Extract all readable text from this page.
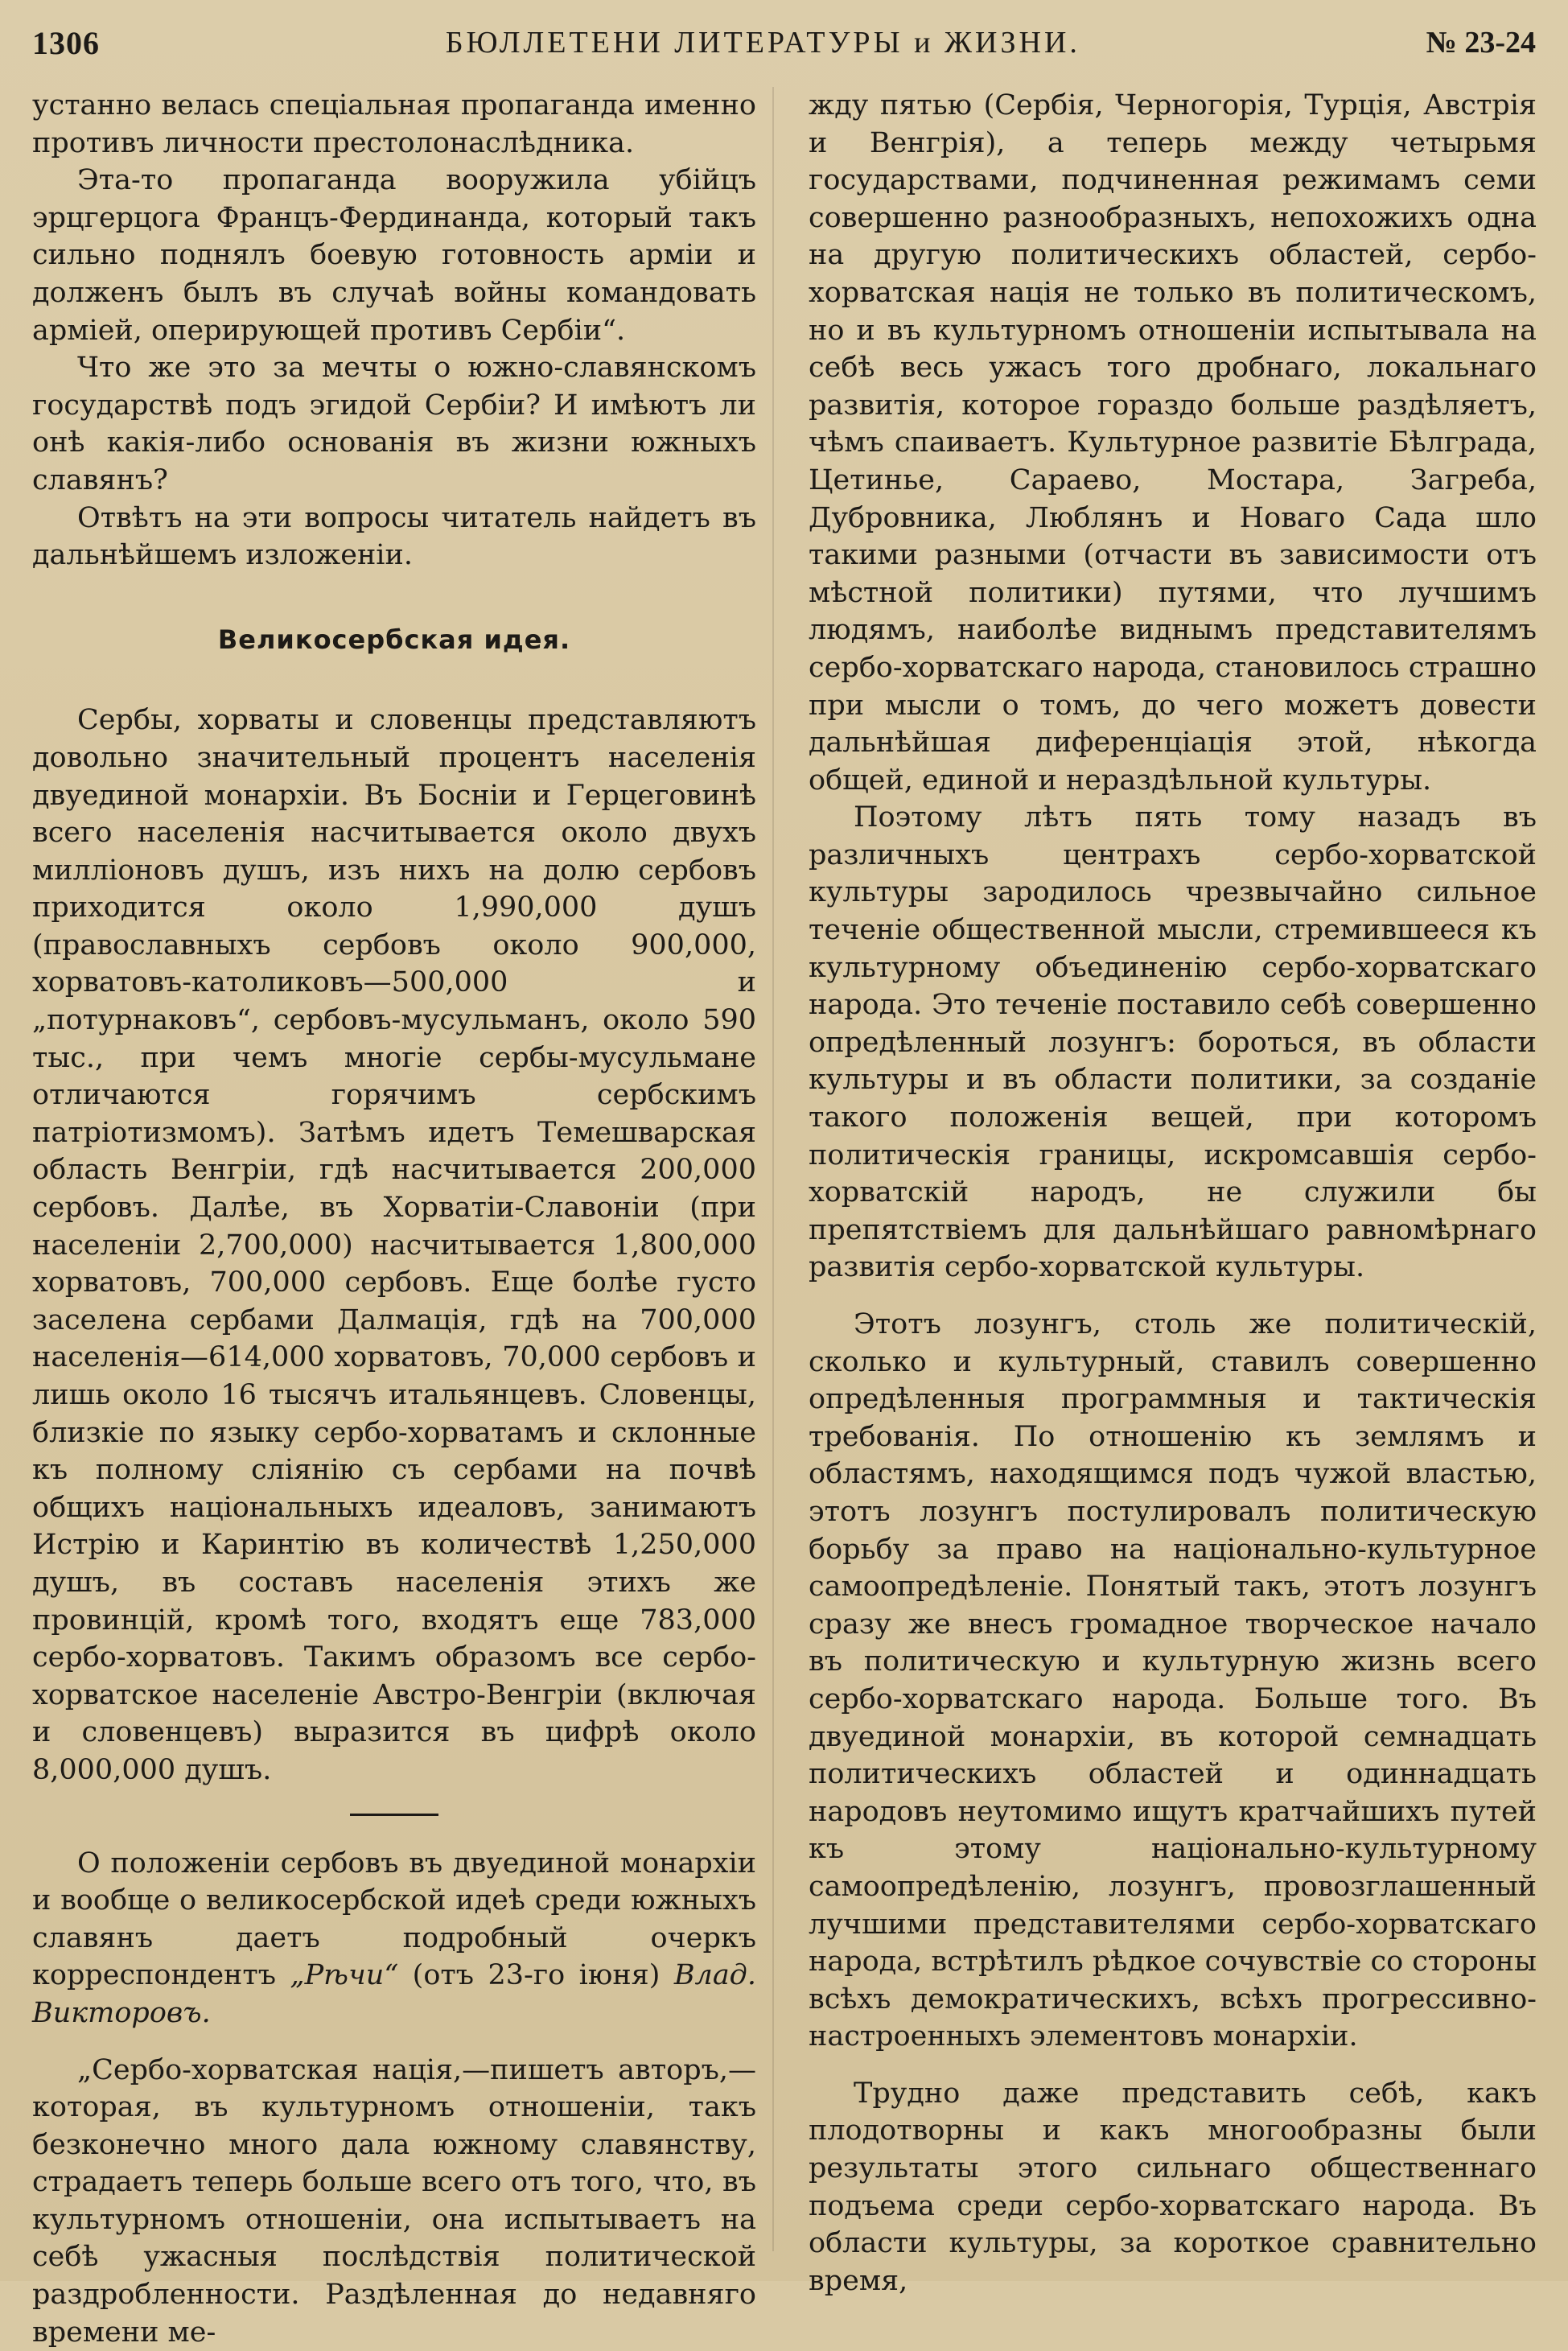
1306	БЮЛЛЕТЕНИ ЛИТЕРАТУРЫ и ЖИЗНИ.	№ 23-24

устанно велась спеціальная пропаганда именно противъ личности престолонаслѣдника.

Эта-то пропаганда вооружила убійцъ эрцгерцога Францъ-Фердинанда, который такъ сильно поднялъ боевую готовность арміи и долженъ былъ въ случаѣ войны командовать арміей, оперирующей противъ Сербіи“.

Что же это за мечты о южно-славянскомъ государствѣ подъ эгидой Сербіи? И имѣютъ ли онѣ какія-либо основанія въ жизни южныхъ славянъ?

Отвѣтъ на эти вопросы читатель найдетъ въ дальнѣйшемъ изложеніи.

Великосербская идея.

Сербы, хорваты и словенцы представляютъ довольно значительный процентъ населенія двуединой монархіи. Въ Босніи и Герцеговинѣ всего населенія насчитывается около двухъ милліоновъ душъ, изъ нихъ на долю сербовъ приходится около 1,990,000 душъ (православныхъ сербовъ около 900,000, хорватовъ-католиковъ—500,000 и „потурнаковъ“, сербовъ-мусульманъ, около 590 тыс., при чемъ многіе сербы-мусульмане отличаются горячимъ сербскимъ патріотизмомъ). Затѣмъ идетъ Темешварская область Венгріи, гдѣ насчитывается 200,000 сербовъ. Далѣе, въ Хорватіи-Славоніи (при населеніи 2,700,000) насчитывается 1,800,000 хорватовъ, 700,000 сербовъ. Еще болѣе густо заселена сербами Далмація, гдѣ на 700,000 населенія—614,000 хорватовъ, 70,000 сербовъ и лишь около 16 тысячъ итальянцевъ. Словенцы, близкіе по языку сербо-хорватамъ и склонные къ полному слiянiю съ сербами на почвѣ общихъ національныхъ идеаловъ, занимаютъ Истрію и Каринтію въ количествѣ 1,250,000 душъ, въ составъ населенія этихъ же провинцій, кромѣ того, входятъ еще 783,000 сербо-хорватовъ. Такимъ образомъ все сербо-хорватское населеніе Австро-Венгріи (включая и словенцевъ) выразится въ цифрѣ около 8,000,000 душъ.

О положеніи сербовъ въ двуединой монархіи и вообще о великосербской идеѣ среди южныхъ славянъ даетъ подробный очеркъ корреспондентъ „Рѣчи“ (отъ 23-го іюня) Влад. Викторовъ.

„Сербо-хорватская нація,—пишетъ авторъ,—которая, въ культурномъ отношеніи, такъ безконечно много дала южному славянству, страдаетъ теперь больше всего отъ того, что, въ культурномъ отношеніи, она испытываетъ на себѣ ужасныя послѣдствія политической раздробленности. Раздѣленная до недавняго времени ме-

жду пятью (Сербія, Черногорія, Турція, Австрія и Венгрія), а теперь между четырьмя государствами, подчиненная режимамъ семи совершенно разнообразныхъ, непохожихъ одна на другую политическихъ областей, сербо-хорватская нація не только въ политическомъ, но и въ культурномъ отношеніи испытывала на себѣ весь ужасъ того дробнаго, локальнаго развитія, которое гораздо больше раздѣляетъ, чѣмъ спаиваетъ. Культурное развитіе Бѣлграда, Цетинье, Сараево, Мостара, Загреба, Дубровника, Люблянъ и Новаго Сада шло такими разными (отчасти въ зависимости отъ мѣстной политики) путями, что лучшимъ людямъ, наиболѣе виднымъ представителямъ сербо-хорватскаго народа, становилось страшно при мысли о томъ, до чего можетъ довести дальнѣйшая диференціація этой, нѣкогда общей, единой и нераздѣльной культуры.

Поэтому лѣтъ пять тому назадъ въ различныхъ центрахъ сербо-хорватской культуры зародилось чрезвычайно сильное теченіе общественной мысли, стремившееся къ культурному объединенію сербо-хорватскаго народа. Это теченіе поставило себѣ совершенно опредѣленный лозунгъ: бороться, въ области культуры и въ области политики, за созданіе такого положенія вещей, при которомъ политическія границы, искромсавшія сербо-хорватскій народъ, не служили бы препятствіемъ для дальнѣйшаго равномѣрнаго развитія сербо-хорватской культуры.

Этотъ лозунгъ, столь же политическій, сколько и культурный, ставилъ совершенно опредѣленныя программныя и тактическія требованія. По отношенію къ землямъ и областямъ, находящимся подъ чужой властью, этотъ лозунгъ постулировалъ политическую борьбу за право на національно-культурное самоопредѣленіе. Понятый такъ, этотъ лозунгъ сразу же внесъ громадное творческое начало въ политическую и культурную жизнь всего сербо-хорватскаго народа. Больше того. Въ двуединой монархіи, въ которой семнадцать политическихъ областей и одиннадцать народовъ неутомимо ищутъ кратчайшихъ путей къ этому національно-культурному самоопредѣленію, лозунгъ, провозглашенный лучшими представителями сербо-хорватскаго народа, встрѣтилъ рѣдкое сочувствіе со стороны всѣхъ демократическихъ, всѣхъ прогрессивно-настроенныхъ элементовъ монархіи.

Трудно даже представить себѣ, какъ плодотворны и какъ многообразны были результаты этого сильнаго общественнаго подъема среди сербо-хорватскаго народа. Въ области культуры, за короткое сравнительно время,
